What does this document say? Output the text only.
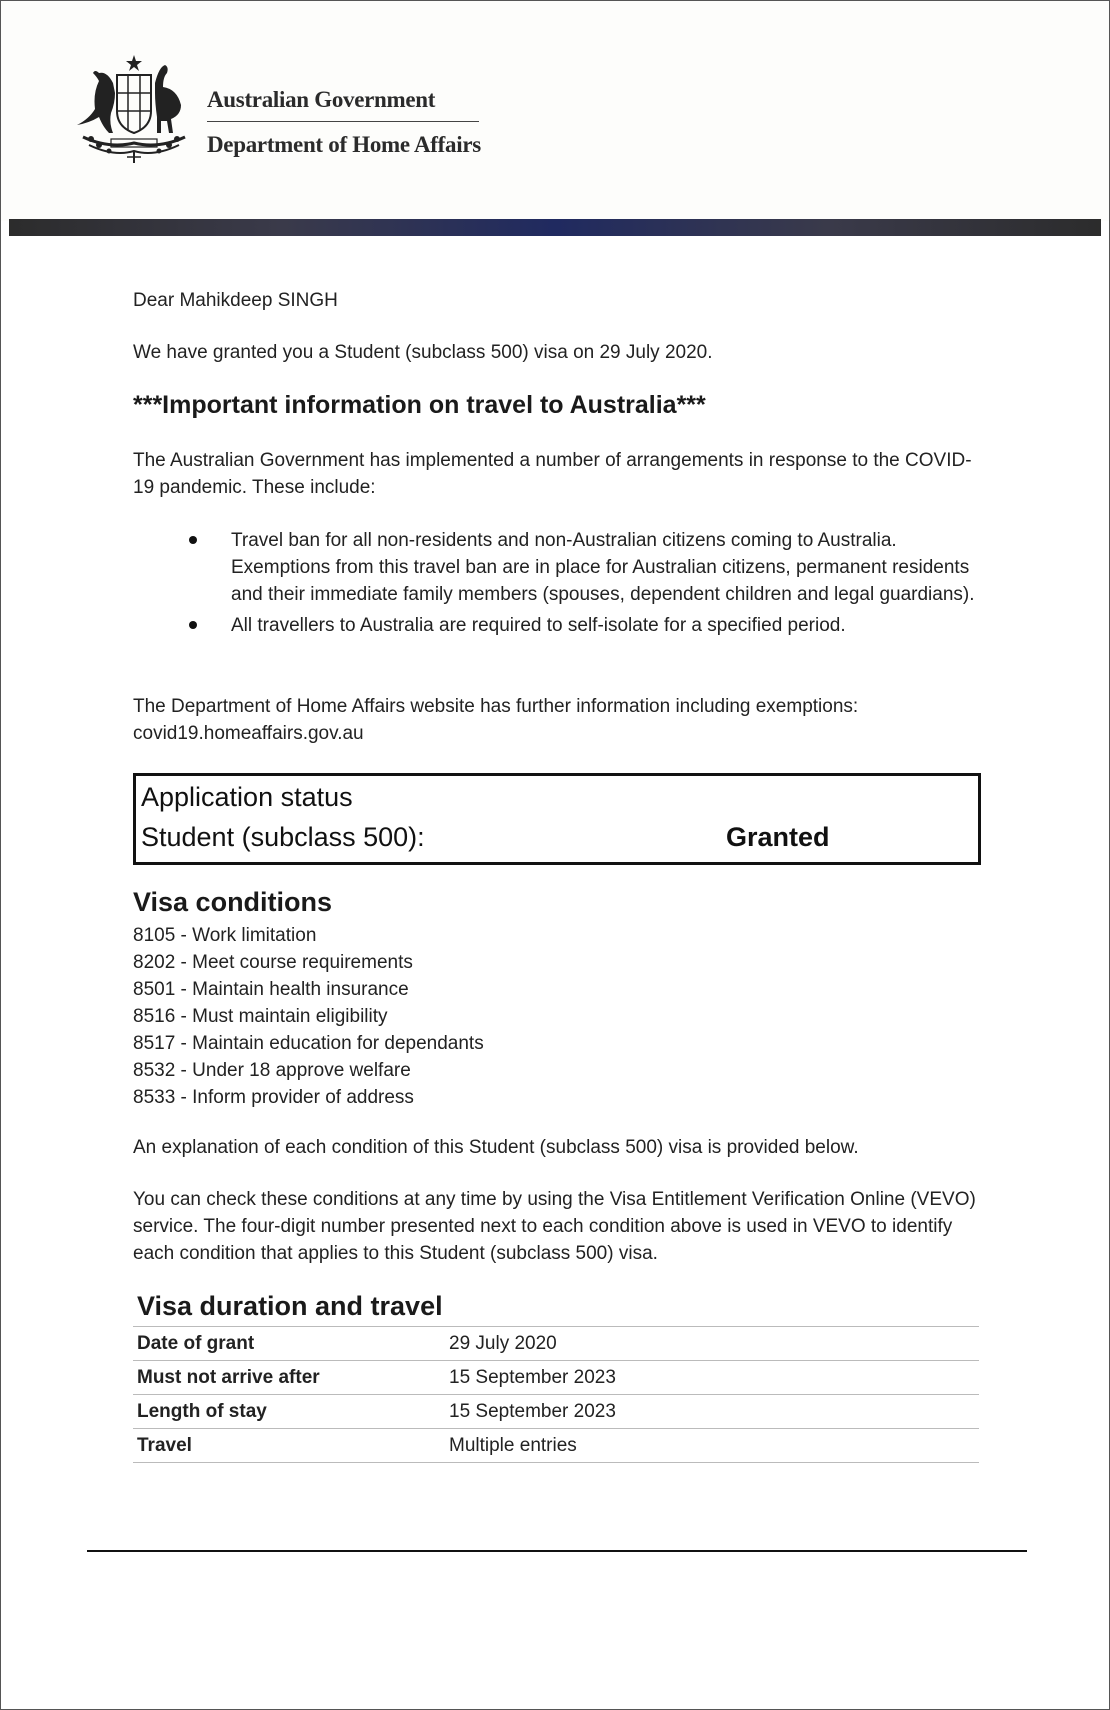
Australian Government
Department of Home Affairs

Dear Mahikdeep SINGH

We have granted you a Student (subclass 500) visa on 29 July 2020.

***Important information on travel to Australia***

The Australian Government has implemented a number of arrangements in response to the COVID-19 pandemic. These include:

Travel ban for all non-residents and non-Australian citizens coming to Australia. Exemptions from this travel ban are in place for Australian citizens, permanent residents and their immediate family members (spouses, dependent children and legal guardians).
All travellers to Australia are required to self-isolate for a specified period.

The Department of Home Affairs website has further information including exemptions:

covid19.homeaffairs.gov.au

Application status
Student (subclass 500):	Granted
Visa conditions
8105 - Work limitation
8202 - Meet course requirements
8501 - Maintain health insurance
8516 - Must maintain eligibility
8517 - Maintain education for dependants
8532 - Under 18 approve welfare
8533 - Inform provider of address

An explanation of each condition of this Student (subclass 500) visa is provided below.

You can check these conditions at any time by using the Visa Entitlement Verification Online (VEVO) service. The four-digit number presented next to each condition above is used in VEVO to identify each condition that applies to this Student (subclass 500) visa.

Visa duration and travel
Date of grant	29 July 2020
Must not arrive after	15 September 2023
Length of stay	15 September 2023
Travel	Multiple entries
